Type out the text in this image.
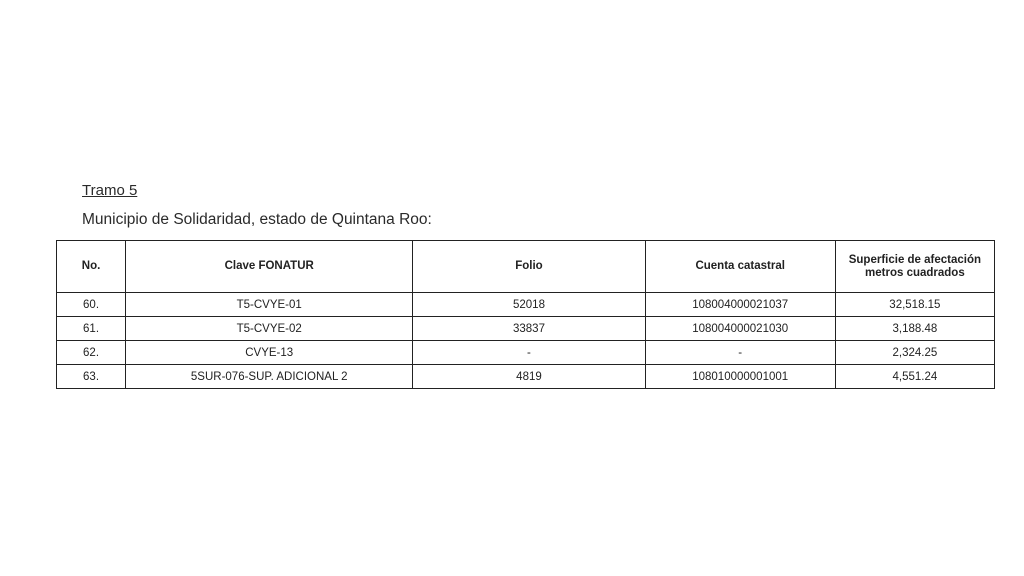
Tramo 5
Municipio de Solidaridad, estado de Quintana Roo:
No.	Clave FONATUR	Folio	Cuenta catastral	Superficie de afectación metros cuadrados
60.	T5-CVYE-01	52018	108004000021037	32,518.15
61.	T5-CVYE-02	33837	108004000021030	3,188.48
62.	CVYE-13	-	-	2,324.25
63.	5SUR-076-SUP. ADICIONAL 2	4819	108010000001001	4,551.24
